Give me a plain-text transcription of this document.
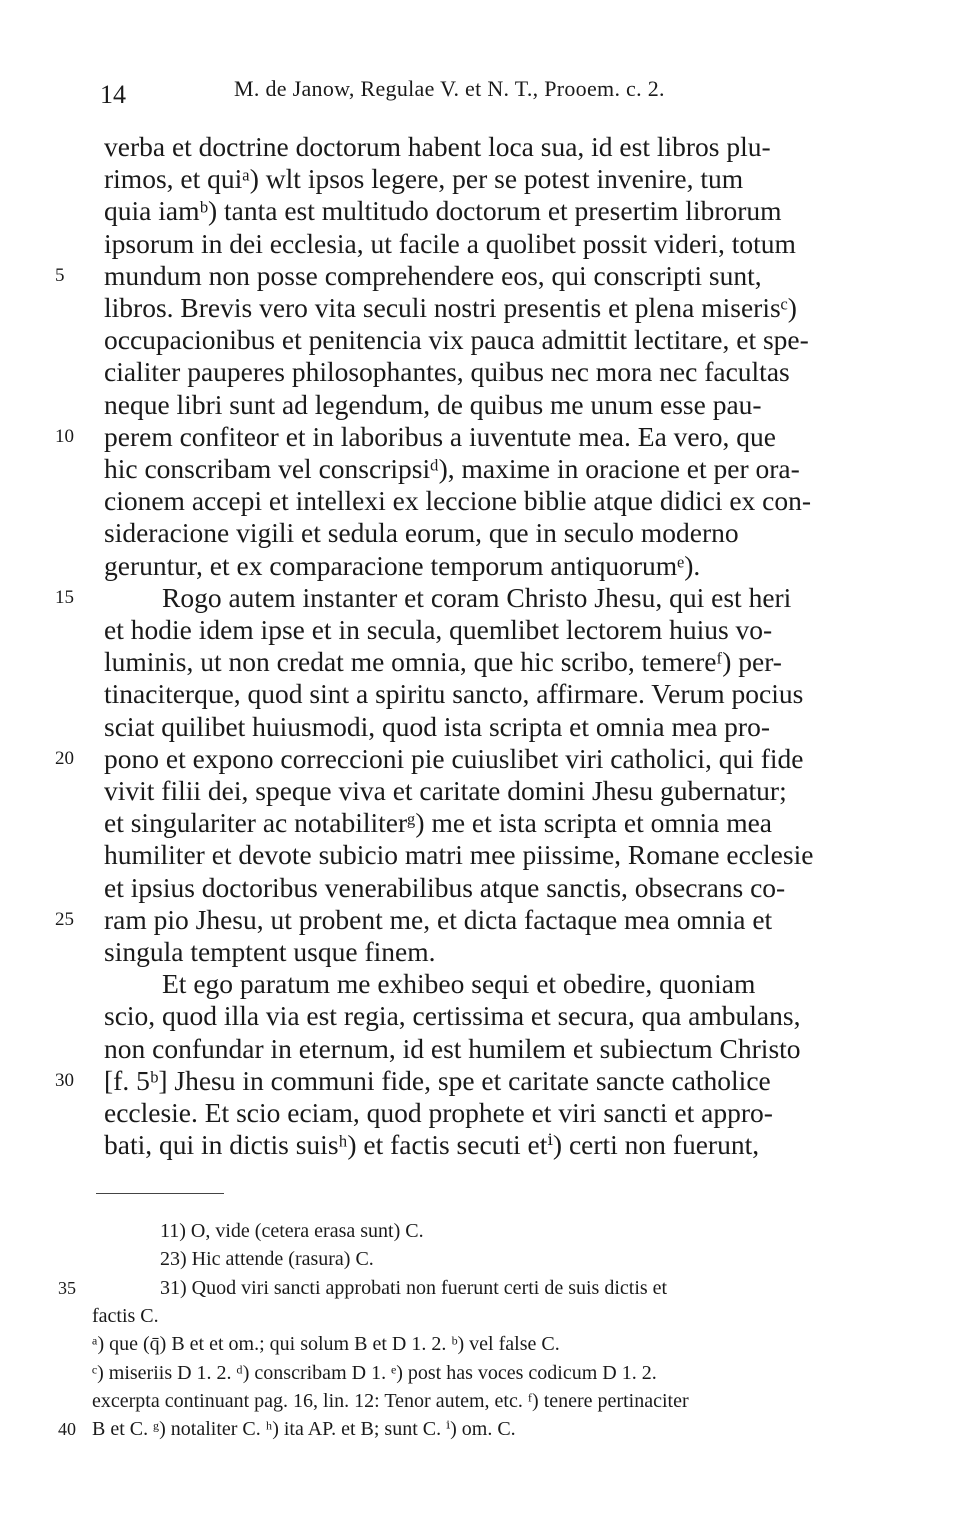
14	M. de Janow, Regulae V. et N. T., Prooem. c. 2.
verba et doctrine doctorum habent loca sua, id est libros plu-
rimos, et quiᵃ) wlt ipsos legere, per se potest invenire, tum
quia iamᵇ) tanta est multitudo doctorum et presertim librorum
ipsorum in dei ecclesia, ut facile a quolibet possit videri, totum
5	mundum non posse comprehendere eos, qui conscripti sunt,
libros. Brevis vero vita seculi nostri presentis et plena miserisᶜ)
occupacionibus et penitencia vix pauca admittit lectitare, et spe-
cialiter pauperes philosophantes, quibus nec mora nec facultas
neque libri sunt ad legendum, de quibus me unum esse pau-
10	perem confiteor et in laboribus a iuventute mea. Ea vero, que
hic conscribam vel conscripsiᵈ), maxime in oracione et per ora-
cionem accepi et intellexi ex leccione biblie atque didici ex con-
sideracione vigili et sedula eorum, que in seculo moderno
geruntur, et ex comparacione temporum antiquorumᵉ).
15	Rogo autem instanter et coram Christo Jhesu, qui est heri
et hodie idem ipse et in secula, quemlibet lectorem huius vo-
luminis, ut non credat me omnia, que hic scribo, temereᶠ) per-
tinaciterque, quod sint a spiritu sancto, affirmare. Verum pocius
sciat quilibet huiusmodi, quod ista scripta et omnia mea pro-
20	pono et expono correccioni pie cuiuslibet viri catholici, qui fide
vivit filii dei, speque viva et caritate domini Jhesu gubernatur;
et singulariter ac notabiliterᵍ) me et ista scripta et omnia mea
humiliter et devote subicio matri mee piissime, Romane ecclesie
et ipsius doctoribus venerabilibus atque sanctis, obsecrans co-
25	ram pio Jhesu, ut probent me, et dicta factaque mea omnia et
singula temptent usque finem.
Et ego paratum me exhibeo sequi et obedire, quoniam
scio, quod illa via est regia, certissima et secura, qua ambulans,
non confundar in eternum, id est humilem et subiectum Christo
30	[f. 5ᵇ] Jhesu in communi fide, spe et caritate sancte catholice
ecclesie. Et scio eciam, quod prophete et viri sancti et appro-
bati, qui in dictis suisʰ) et factis secuti etⁱ) certi non fuerunt,
11) O, vide (cetera erasa sunt) C.
23) Hic attende (rasura) C.
35	31) Quod viri sancti approbati non fuerunt certi de suis dictis et
factis C.
ᵃ) que (q̄) B et et om.; qui solum B et D 1. 2. ᵇ) vel false C.
ᶜ) miseriis D 1. 2. ᵈ) conscribam D 1. ᵉ) post has voces codicum D 1. 2.
excerpta continuant pag. 16, lin. 12: Tenor autem, etc. ᶠ) tenere pertinaciter
40 B et C. ᵍ) notaliter C. ʰ) ita AP. et B; sunt C. ⁱ) om. C.
